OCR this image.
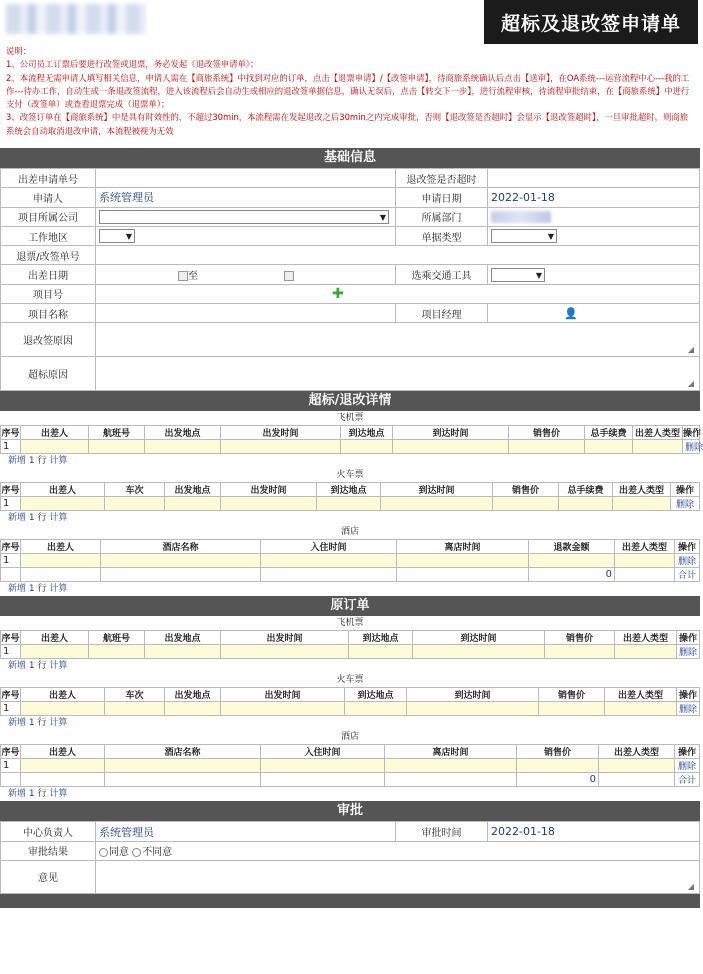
超标及退改签申请单
说明：
1、公司员工订票后要进行改签或退票，务必发起《退改签申请单》；
2、本流程无需申请人填写相关信息，申请人需在【商旅系统】中找到对应的订单，点击【退票申请】/【改签申请】，待商旅系统确认后点击【送审】，在OA系统---运营流程中心---我的工作---待办工作，自动生成一条退改签流程，进入该流程后会自动生成相应的退改签单据信息，确认无误后，点击【转交下一步】，进行流程审核，待流程审批结束，在【商旅系统】中进行支付（改签单）或查看退票完成（退票单）；
3、改签订单在【商旅系统】中是具有时效性的，不超过30min，本流程需在发起退改之后30min之内完成审批，否则【退改签是否超时】会显示【退改签超时】，一旦审批超时，则商旅系统会自动取消退改申请，本流程被视为无效
基础信息
出差申请单号		退改签是否超时	
申请人	系统管理员	申请日期	2022-01-18
项目所属公司	▼	所属部门	
工作地区	▼	单据类型	▼

退票/改签单号			
出差日期	至	选乘交通工具	▼

项目号	✚		
项目名称		项目经理	👤
退改签原因	◢		

超标原因	◢		
超标/退改详情
飞机票
序号	出差人	航班号	出发地点	出发时间	到达地点	到达时间	销售价	总手续费	出差人类型	操作
1										删除
新增 1 行 计算
火车票
序号	出差人	车次	出发地点	出发时间	到达地点	到达时间	销售价	总手续费	出差人类型	操作
1										删除
新增 1 行 计算
酒店
序号	出差人	酒店名称	入住时间	离店时间	退款金额	出差人类型	操作
1							删除
					0		合计
新增 1 行 计算
原订单
飞机票
序号	出差人	航班号	出发地点	出发时间	到达地点	到达时间	销售价	出差人类型	操作
1									删除
新增 1 行 计算
火车票
序号	出差人	车次	出发地点	出发时间	到达地点	到达时间	销售价	出差人类型	操作
1									删除
新增 1 行 计算
酒店
序号	出差人	酒店名称	入住时间	离店时间	销售价	出差人类型	操作
1							删除
					0		合计
新增 1 行 计算
审批
中心负责人	系统管理员	审批时间	2022-01-18
审批结果	同意 不同意		
意见	◢		
